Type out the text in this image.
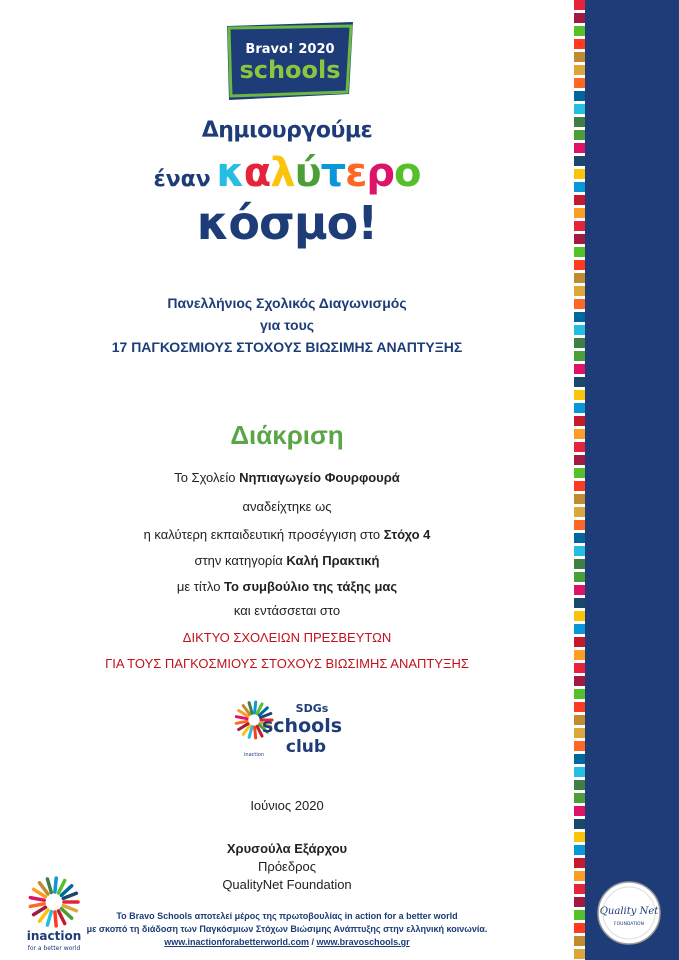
Bravo! 2020
schools
Δημιουργούμε
έναν καλύτερο
κόσμο!
Πανελλήνιος Σχολικός Διαγωνισμός
για τους
17 ΠΑΓΚΟΣΜΙΟΥΣ ΣΤΟΧΟΥΣ ΒΙΩΣΙΜΗΣ ΑΝΑΠΤΥΞΗΣ
Διάκριση
Το Σχολείο Νηπιαγωγείο Φουρφουρά
αναδείχτηκε ως
η καλύτερη εκπαιδευτική προσέγγιση στο Στόχο 4
στην κατηγορία Καλή Πρακτική
με τίτλο Το συμβούλιο της τάξης μας
και εντάσσεται στο
ΔΙΚΤΥΟ ΣΧΟΛΕΙΩΝ ΠΡΕΣΒΕΥΤΩΝ
ΓΙΑ ΤΟΥΣ ΠΑΓΚΟΣΜΙΟΥΣ ΣΤΟΧΟΥΣ ΒΙΩΣΙΜΗΣ ΑΝΑΠΤΥΞΗΣ
SDGs
schools
club
inaction
Ιούνιος 2020
Χρυσούλα Εξάρχου
Πρόεδρος
QualityNet Foundation
Το Bravo Schools αποτελεί μέρος της πρωτοβουλίας in action for a better world
με σκοπό τη διάδοση των Παγκόσμιων Στόχων Βιώσιμης Ανάπτυξης στην ελληνική κοινωνία.
www.inactionforabetterworld.com / www.bravoschools.gr
inaction
for a better world
Quality Net
FOUNDATION
